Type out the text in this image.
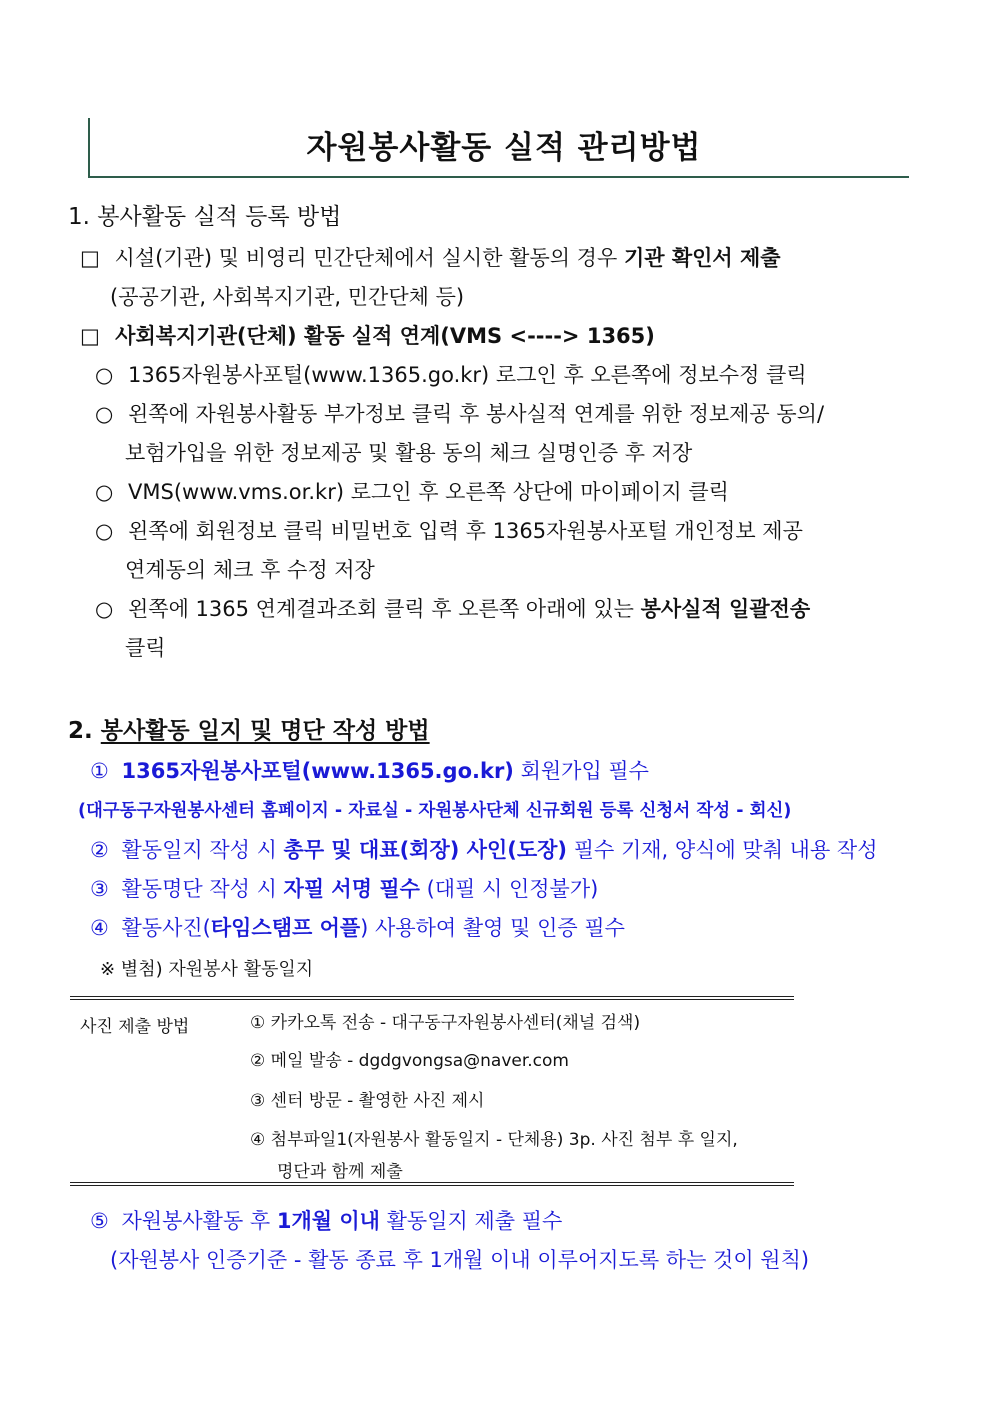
자원봉사활동 실적 관리방법
1. 봉사활동 실적 등록 방법
□ 시설(기관) 및 비영리 민간단체에서 실시한 활동의 경우 기관 확인서 제출
(공공기관, 사회복지기관, 민간단체 등)
□ 사회복지기관(단체) 활동 실적 연계(VMS <----> 1365)
○ 1365자원봉사포털(www.1365.go.kr) 로그인 후 오른쪽에 정보수정 클릭
○ 왼쪽에 자원봉사활동 부가정보 클릭 후 봉사실적 연계를 위한 정보제공 동의/
보험가입을 위한 정보제공 및 활용 동의 체크 실명인증 후 저장
○ VMS(www.vms.or.kr) 로그인 후 오른쪽 상단에 마이페이지 클릭
○ 왼쪽에 회원정보 클릭 비밀번호 입력 후 1365자원봉사포털 개인정보 제공
연계동의 체크 후 수정 저장
○ 왼쪽에 1365 연계결과조회 클릭 후 오른쪽 아래에 있는 봉사실적 일괄전송
클릭
2. 봉사활동 일지 및 명단 작성 방법
① 1365자원봉사포털(www.1365.go.kr) 회원가입 필수
(대구동구자원봉사센터 홈페이지 - 자료실 - 자원봉사단체 신규회원 등록 신청서 작성 - 회신)
② 활동일지 작성 시 총무 및 대표(회장) 사인(도장) 필수 기재, 양식에 맞춰 내용 작성
③ 활동명단 작성 시 자필 서명 필수 (대필 시 인정불가)
④ 활동사진(타임스탬프 어플) 사용하여 촬영 및 인증 필수
※ 별첨) 자원봉사 활동일지
사진 제출 방법	① 카카오톡 전송 - 대구동구자원봉사센터(채널 검색)
② 메일 발송 - dgdgvongsa@naver.com
③ 센터 방문 - 촬영한 사진 제시
④ 첨부파일1(자원봉사 활동일지 - 단체용) 3p. 사진 첨부 후 일지,
명단과 함께 제출
⑤ 자원봉사활동 후 1개월 이내 활동일지 제출 필수
(자원봉사 인증기준 - 활동 종료 후 1개월 이내 이루어지도록 하는 것이 원칙)
